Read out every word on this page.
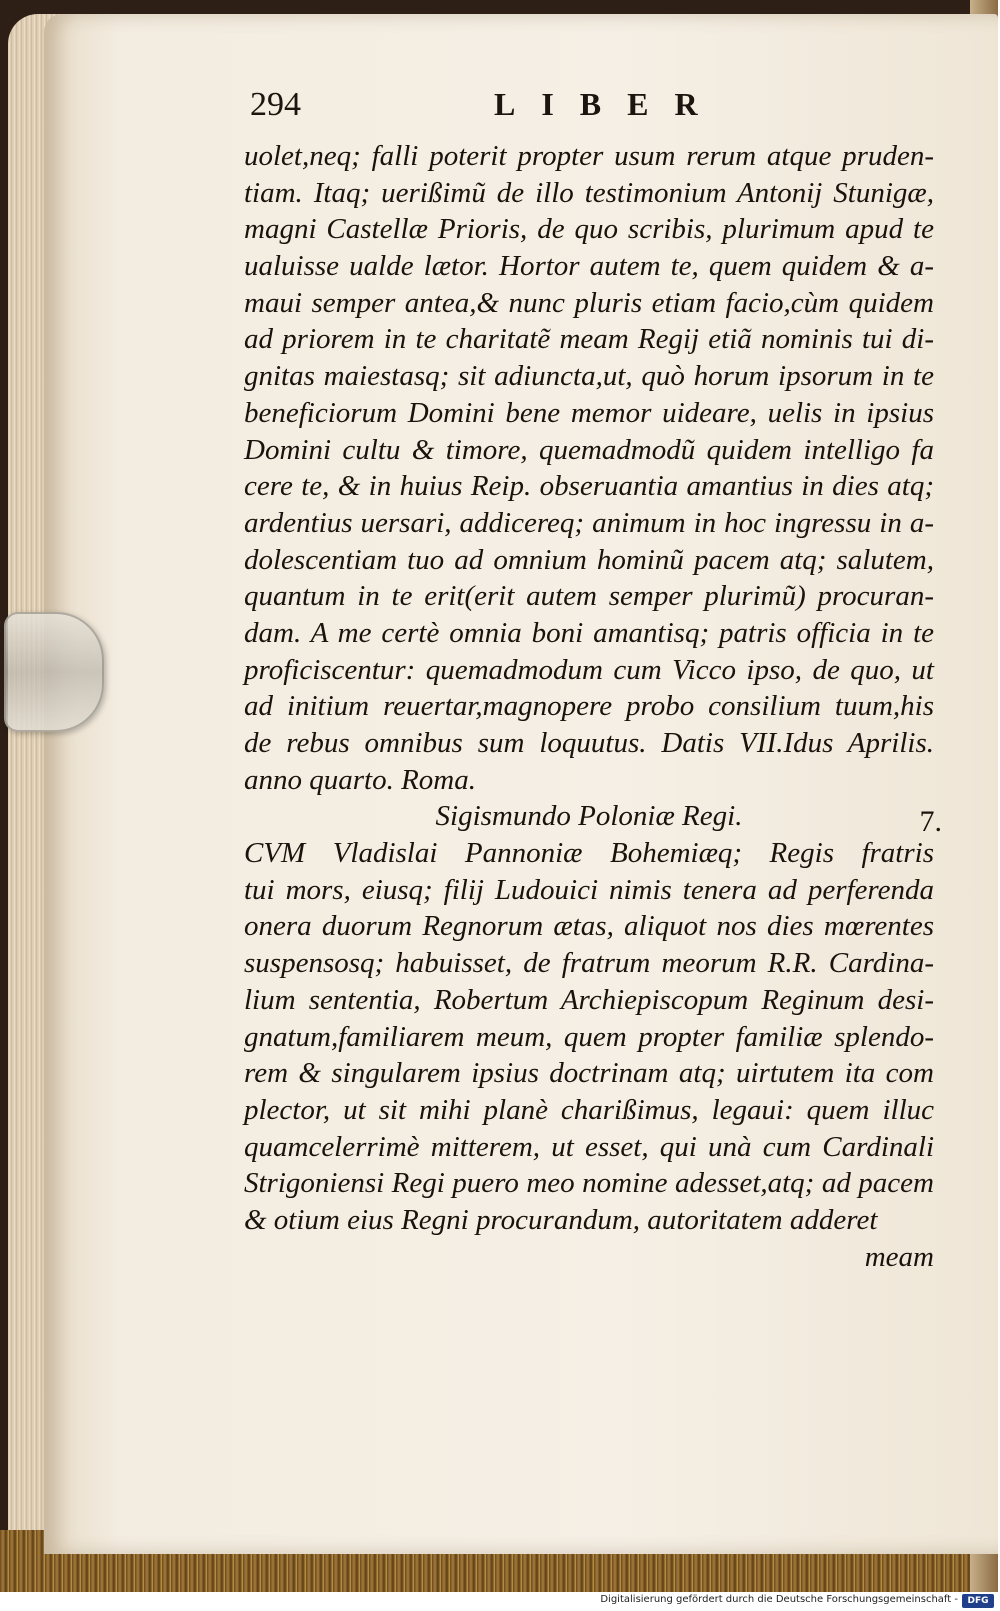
294	LIBER
uolet,neq; falli poterit propter usum rerum atque pruden-
tiam. Itaq; uerißimũ de illo testimonium Antonij Stunigæ,
magni Castellæ Prioris, de quo scribis, plurimum apud te
ualuisse ualde lætor. Hortor autem te, quem quidem & a-
maui semper antea,& nunc pluris etiam facio,cùm quidem
ad priorem in te charitatẽ meam Regij etiã nominis tui di-
gnitas maiestasq; sit adiuncta,ut, quò horum ipsorum in te
beneficiorum Domini bene memor uideare, uelis in ipsius
Domini cultu & timore, quemadmodũ quidem intelligo fa
cere te, & in huius Reip. obseruantia amantius in dies atq;
ardentius uersari, addicereq; animum in hoc ingressu in a-
dolescentiam tuo ad omnium hominũ pacem atq; salutem,
quantum in te erit(erit autem semper plurimũ) procuran-
dam. A me certè omnia boni amantisq; patris officia in te
proficiscentur: quemadmodum cum Vicco ipso, de quo, ut
ad initium reuertar,magnopere probo consilium tuum,his
de rebus omnibus sum loquutus. Datis VII.Idus Aprilis.
anno quarto. Roma.
Sigismundo Poloniæ Regi.	7.
CVM Vladislai Pannoniæ Bohemiæq; Regis fratris
tui mors, eiusq; filij Ludouici nimis tenera ad perferenda
onera duorum Regnorum ætas, aliquot nos dies mœrentes
suspensosq; habuisset, de fratrum meorum R.R. Cardina-
lium sententia, Robertum Archiepiscopum Reginum desi-
gnatum,familiarem meum, quem propter familiæ splendo-
rem & singularem ipsius doctrinam atq; uirtutem ita com
plector, ut sit mihi planè charißimus, legaui: quem illuc
quamcelerrimè mitterem, ut esset, qui unà cum Cardinali
Strigoniensi Regi puero meo nomine adesset,atq; ad pacem
& otium eius Regni procurandum, autoritatem adderet
meam
Digitalisierung gefördert durch die Deutsche Forschungsgemeinschaft -	DFG
